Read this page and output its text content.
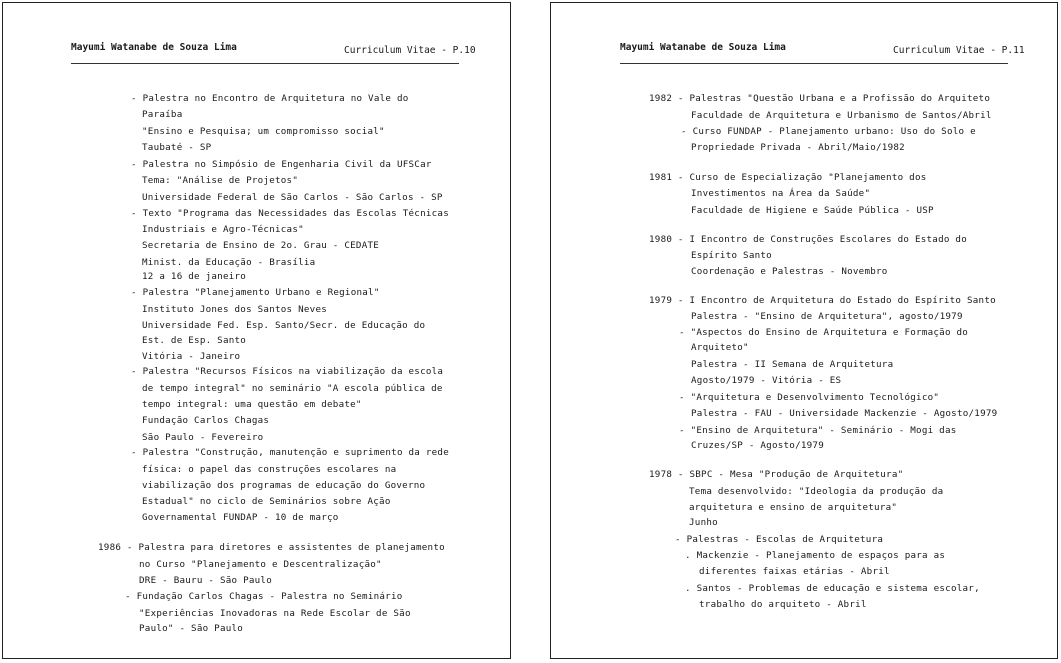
Mayumi Watanabe de Souza Lima	Curriculum Vitae - P.10
- Palestra no Encontro de Arquitetura no Vale do
Paraíba
"Ensino e Pesquisa; um compromisso social"
Taubaté - SP
- Palestra no Simpósio de Engenharia Civil da UFSCar
Tema: "Análise de Projetos"
Universidade Federal de São Carlos - São Carlos - SP
- Texto "Programa das Necessidades das Escolas Técnicas
Industriais e Agro-Técnicas"
Secretaria de Ensino de 2o. Grau - CEDATE
Minist. da Educação - Brasília
12 a 16 de janeiro
- Palestra "Planejamento Urbano e Regional"
Instituto Jones dos Santos Neves
Universidade Fed. Esp. Santo/Secr. de Educação do
Est. de Esp. Santo
Vitória - Janeiro
- Palestra "Recursos Físicos na viabilização da escola
de tempo integral" no seminário "A escola pública de
tempo integral: uma questão em debate"
Fundação Carlos Chagas
São Paulo - Fevereiro
- Palestra "Construção, manutenção e suprimento da rede
física: o papel das construções escolares na
viabilização dos programas de educação do Governo
Estadual" no ciclo de Seminários sobre Ação
Governamental FUNDAP - 10 de março
1986 - Palestra para diretores e assistentes de planejamento
no Curso "Planejamento e Descentralização"
DRE - Bauru - São Paulo
- Fundação Carlos Chagas - Palestra no Seminário
"Experiências Inovadoras na Rede Escolar de São
Paulo" - São Paulo
Mayumi Watanabe de Souza Lima	Curriculum Vitae - P.11
1982 - Palestras "Questão Urbana e a Profissão do Arquiteto
Faculdade de Arquitetura e Urbanismo de Santos/Abril
- Curso FUNDAP - Planejamento urbano: Uso do Solo e
Propriedade Privada - Abril/Maio/1982
1981 - Curso de Especialização "Planejamento dos
Investimentos na Área da Saúde"
Faculdade de Higiene e Saúde Pública - USP
1980 - I Encontro de Construções Escolares do Estado do
Espírito Santo
Coordenação e Palestras - Novembro
1979 - I Encontro de Arquitetura do Estado do Espírito Santo
Palestra - "Ensino de Arquitetura", agosto/1979
- "Aspectos do Ensino de Arquitetura e Formação do
Arquiteto"
Palestra - II Semana de Arquitetura
Agosto/1979 - Vitória - ES
- "Arquitetura e Desenvolvimento Tecnológico"
Palestra - FAU - Universidade Mackenzie - Agosto/1979
- "Ensino de Arquitetura" - Seminário - Mogi das
Cruzes/SP - Agosto/1979
1978 - SBPC - Mesa "Produção de Arquitetura"
Tema desenvolvido: "Ideologia da produção da
arquitetura e ensino de arquitetura"
Junho
- Palestras - Escolas de Arquitetura
. Mackenzie - Planejamento de espaços para as
diferentes faixas etárias - Abril
. Santos - Problemas de educação e sistema escolar,
trabalho do arquiteto - Abril
